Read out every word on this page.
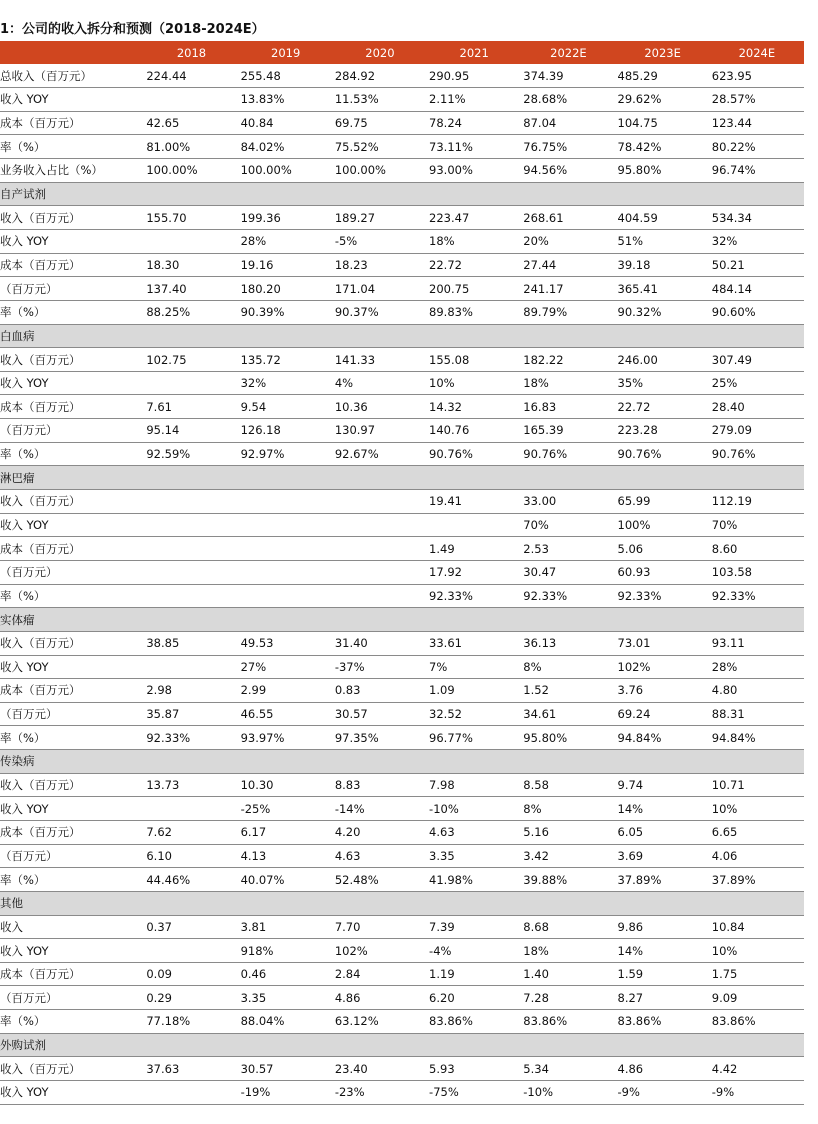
1：公司的收入拆分和预测（2018-2024E）
	2018	2019	2020	2021	2022E	2023E	2024E
总收入（百万元）	224.44	255.48	284.92	290.95	374.39	485.29	623.95
收入 YOY		13.83%	11.53%	2.11%	28.68%	29.62%	28.57%
成本（百万元）	42.65	40.84	69.75	78.24	87.04	104.75	123.44
率（%）	81.00%	84.02%	75.52%	73.11%	76.75%	78.42%	80.22%
业务收入占比（%）	100.00%	100.00%	100.00%	93.00%	94.56%	95.80%	96.74%
自产试剂							
收入（百万元）	155.70	199.36	189.27	223.47	268.61	404.59	534.34
收入 YOY		28%	-5%	18%	20%	51%	32%
成本（百万元）	18.30	19.16	18.23	22.72	27.44	39.18	50.21
（百万元）	137.40	180.20	171.04	200.75	241.17	365.41	484.14
率（%）	88.25%	90.39%	90.37%	89.83%	89.79%	90.32%	90.60%
白血病							
收入（百万元）	102.75	135.72	141.33	155.08	182.22	246.00	307.49
收入 YOY		32%	4%	10%	18%	35%	25%
成本（百万元）	7.61	9.54	10.36	14.32	16.83	22.72	28.40
（百万元）	95.14	126.18	130.97	140.76	165.39	223.28	279.09
率（%）	92.59%	92.97%	92.67%	90.76%	90.76%	90.76%	90.76%
淋巴瘤							
收入（百万元）				19.41	33.00	65.99	112.19
收入 YOY					70%	100%	70%
成本（百万元）				1.49	2.53	5.06	8.60
（百万元）				17.92	30.47	60.93	103.58
率（%）				92.33%	92.33%	92.33%	92.33%
实体瘤							
收入（百万元）	38.85	49.53	31.40	33.61	36.13	73.01	93.11
收入 YOY		27%	-37%	7%	8%	102%	28%
成本（百万元）	2.98	2.99	0.83	1.09	1.52	3.76	4.80
（百万元）	35.87	46.55	30.57	32.52	34.61	69.24	88.31
率（%）	92.33%	93.97%	97.35%	96.77%	95.80%	94.84%	94.84%
传染病							
收入（百万元）	13.73	10.30	8.83	7.98	8.58	9.74	10.71
收入 YOY		-25%	-14%	-10%	8%	14%	10%
成本（百万元）	7.62	6.17	4.20	4.63	5.16	6.05	6.65
（百万元）	6.10	4.13	4.63	3.35	3.42	3.69	4.06
率（%）	44.46%	40.07%	52.48%	41.98%	39.88%	37.89%	37.89%
其他							
收入	0.37	3.81	7.70	7.39	8.68	9.86	10.84
收入 YOY		918%	102%	-4%	18%	14%	10%
成本（百万元）	0.09	0.46	2.84	1.19	1.40	1.59	1.75
（百万元）	0.29	3.35	4.86	6.20	7.28	8.27	9.09
率（%）	77.18%	88.04%	63.12%	83.86%	83.86%	83.86%	83.86%
外购试剂							
收入（百万元）	37.63	30.57	23.40	5.93	5.34	4.86	4.42
收入 YOY		-19%	-23%	-75%	-10%	-9%	-9%
